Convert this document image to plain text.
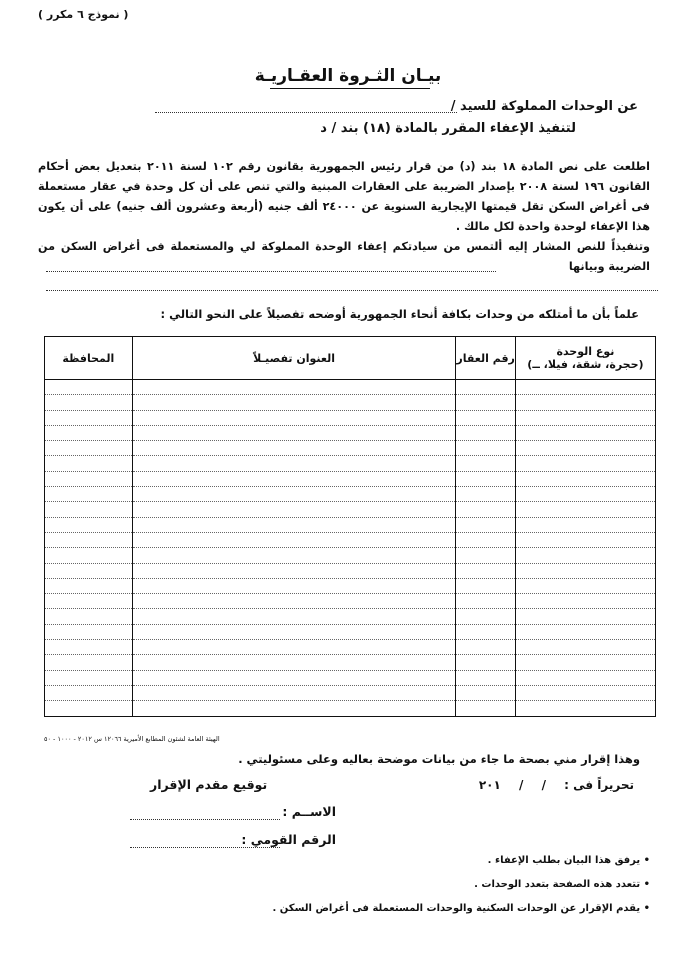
( نموذج ٦ مكرر )
بيـان الثـروة العقـاريـة
عن الوحدات المملوكة للسيد /
لتنفيذ الإعفاء المقرر بالمادة (١٨) بند / د
اطلعت على نص المادة ١٨ بند (د) من قرار رئيس الجمهورية بقانون رقم ١٠٢ لسنة ٢٠١١ بتعديل بعض أحكام القانون ١٩٦ لسنة ٢٠٠٨ بإصدار الضريبة على العقارات المبنية والتي تنص على أن كل وحدة في عقار مستعملة فى أغراض السكن تقل قيمتها الإيجارية السنوية عن ٢٤٠٠٠ ألف جنيه (أربعة وعشرون ألف جنيه) على أن يكون هذا الإعفاء لوحدة واحدة لكل مالك .
وتنفيذاً للنص المشار إليه ألتمس من سيادتكم إعفاء الوحدة المملوكة لي والمستعملة فى أغراض السكن من الضريبة وبيانها
علماً بأن ما أمتلكه من وحدات بكافة أنحاء الجمهورية أوضحه تفصيلاً على النحو التالي :
نوع الوحدة
(حجرة، شقة، فيلا، ــ)	رقم العقار	العنوان تفصيـلاً	المحافظة

الهيئة العامة لشئون المطابع الأميرية ١٢٠٦٦ س ٢٠١٢ - ١٠٠٠ - ٥٠
وهذا إقرار مني بصحة ما جاء من بيانات موضحة بعاليه وعلى مسئوليتي .
توقيع مقدم الإقرار	تحريراً فى : / / ٢٠١
الاســم :
الرقم القومي :
• يرفق هذا البيان بطلب الإعفاء .
• تتعدد هذه الصفحة بتعدد الوحدات .
• يقدم الإقرار عن الوحدات السكنية والوحدات المستعملة فى أغراض السكن .
